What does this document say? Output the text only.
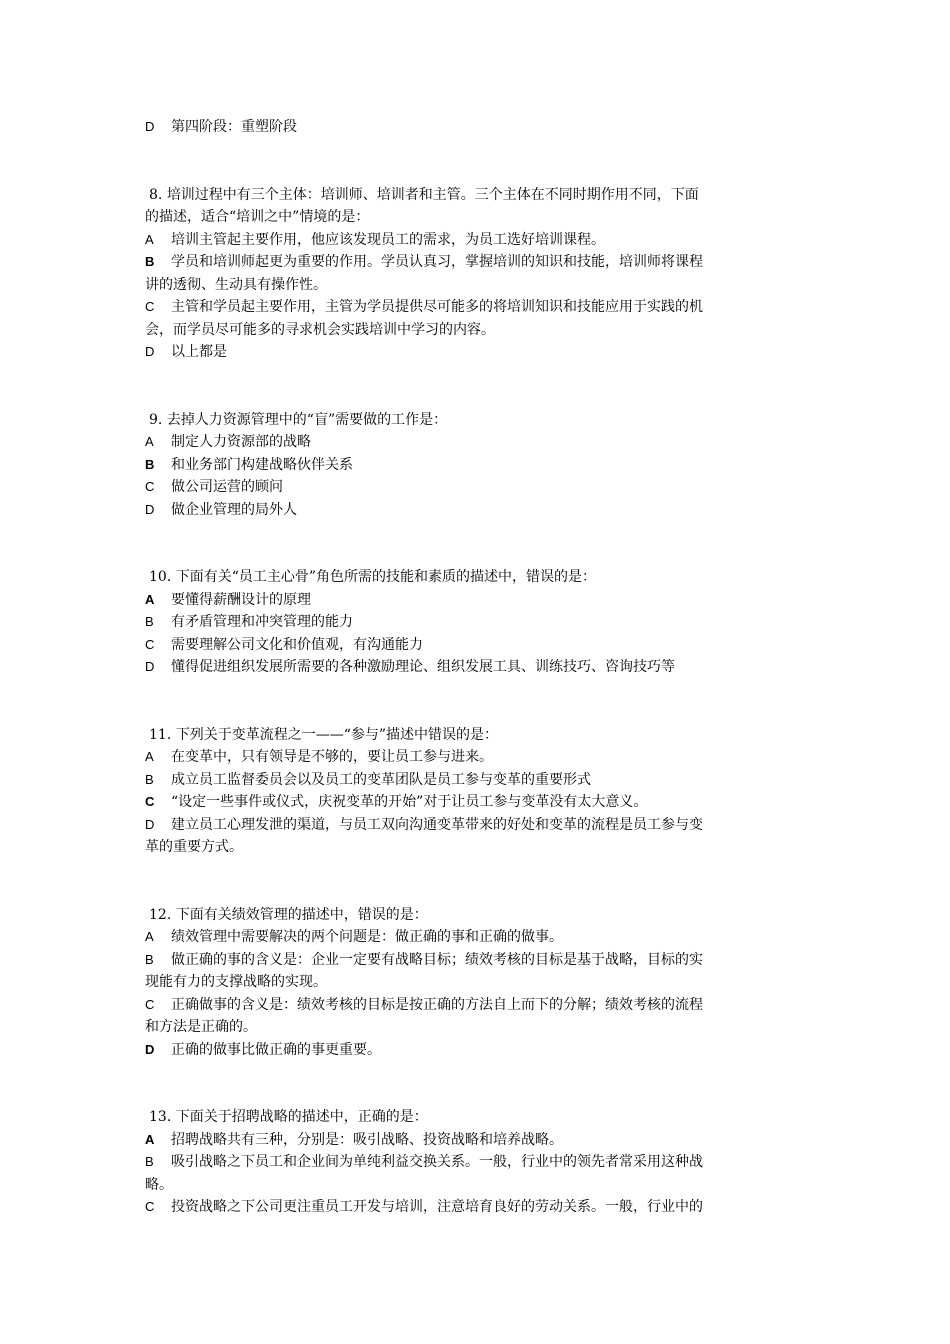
D	第四阶段：重塑阶段
8. 培训过程中有三个主体：培训师、培训者和主管。三个主体在不同时期作用不同，下面
的描述，适合“培训之中”情境的是：
A	培训主管起主要作用，他应该发现员工的需求，为员工选好培训课程。
B	学员和培训师起更为重要的作用。学员认真习，掌握培训的知识和技能，培训师将课程
讲的透彻、生动具有操作性。
C	主管和学员起主要作用，主管为学员提供尽可能多的将培训知识和技能应用于实践的机
会，而学员尽可能多的寻求机会实践培训中学习的内容。
D	以上都是
9. 去掉人力资源管理中的“盲”需要做的工作是：
A	制定人力资源部的战略
B	和业务部门构建战略伙伴关系
C	做公司运营的顾问
D	做企业管理的局外人
10. 下面有关“员工主心骨”角色所需的技能和素质的描述中，错误的是：
A	要懂得薪酬设计的原理
B	有矛盾管理和冲突管理的能力
C	需要理解公司文化和价值观，有沟通能力
D	懂得促进组织发展所需要的各种激励理论、组织发展工具、训练技巧、咨询技巧等
11. 下列关于变革流程之一——“参与”描述中错误的是：
A	在变革中，只有领导是不够的，要让员工参与进来。
B	成立员工监督委员会以及员工的变革团队是员工参与变革的重要形式
C	“设定一些事件或仪式，庆祝变革的开始”对于让员工参与变革没有太大意义。
D	建立员工心理发泄的渠道，与员工双向沟通变革带来的好处和变革的流程是员工参与变
革的重要方式。
12. 下面有关绩效管理的描述中，错误的是：
A	绩效管理中需要解决的两个问题是：做正确的事和正确的做事。
B	做正确的事的含义是：企业一定要有战略目标；绩效考核的目标是基于战略，目标的实
现能有力的支撑战略的实现。
C	正确做事的含义是：绩效考核的目标是按正确的方法自上而下的分解；绩效考核的流程
和方法是正确的。
D	正确的做事比做正确的事更重要。
13. 下面关于招聘战略的描述中，正确的是：
A	招聘战略共有三种，分别是：吸引战略、投资战略和培养战略。
B	吸引战略之下员工和企业间为单纯利益交换关系。一般，行业中的领先者常采用这种战
略。
C	投资战略之下公司更注重员工开发与培训，注意培育良好的劳动关系。一般，行业中的
